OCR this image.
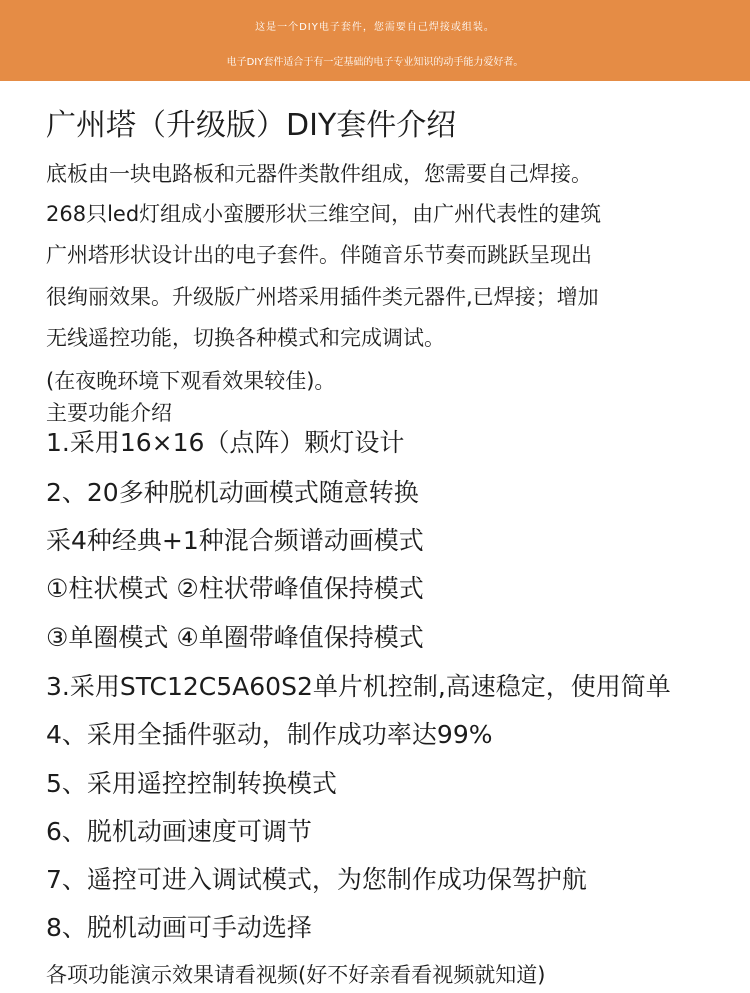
这是一个DIY电子套件，您需要自己焊接或组装。
电子DIY套件适合于有一定基础的电子专业知识的动手能力爱好者。
广州塔（升级版）DIY套件介绍
底板由一块电路板和元器件类散件组成，您需要自己焊接。
268只led灯组成小蛮腰形状三维空间，由广州代表性的建筑
广州塔形状设计出的电子套件。伴随音乐节奏而跳跃呈现出
很绚丽效果。升级版广州塔采用插件类元器件,已焊接；增加
无线遥控功能，切换各种模式和完成调试。
(在夜晚环境下观看效果较佳)。
主要功能介绍
1.采用16×16（点阵）颗灯设计
2、20多种脱机动画模式随意转换
采4种经典+1种混合频谱动画模式
①柱状模式 ②柱状带峰值保持模式
③单圈模式 ④单圈带峰值保持模式
3.采用STC12C5A60S2单片机控制,高速稳定，使用简单
4、采用全插件驱动，制作成功率达99%
5、采用遥控控制转换模式
6、脱机动画速度可调节
7、遥控可进入调试模式，为您制作成功保驾护航
8、脱机动画可手动选择
各项功能演示效果请看视频(好不好亲看看视频就知道)
